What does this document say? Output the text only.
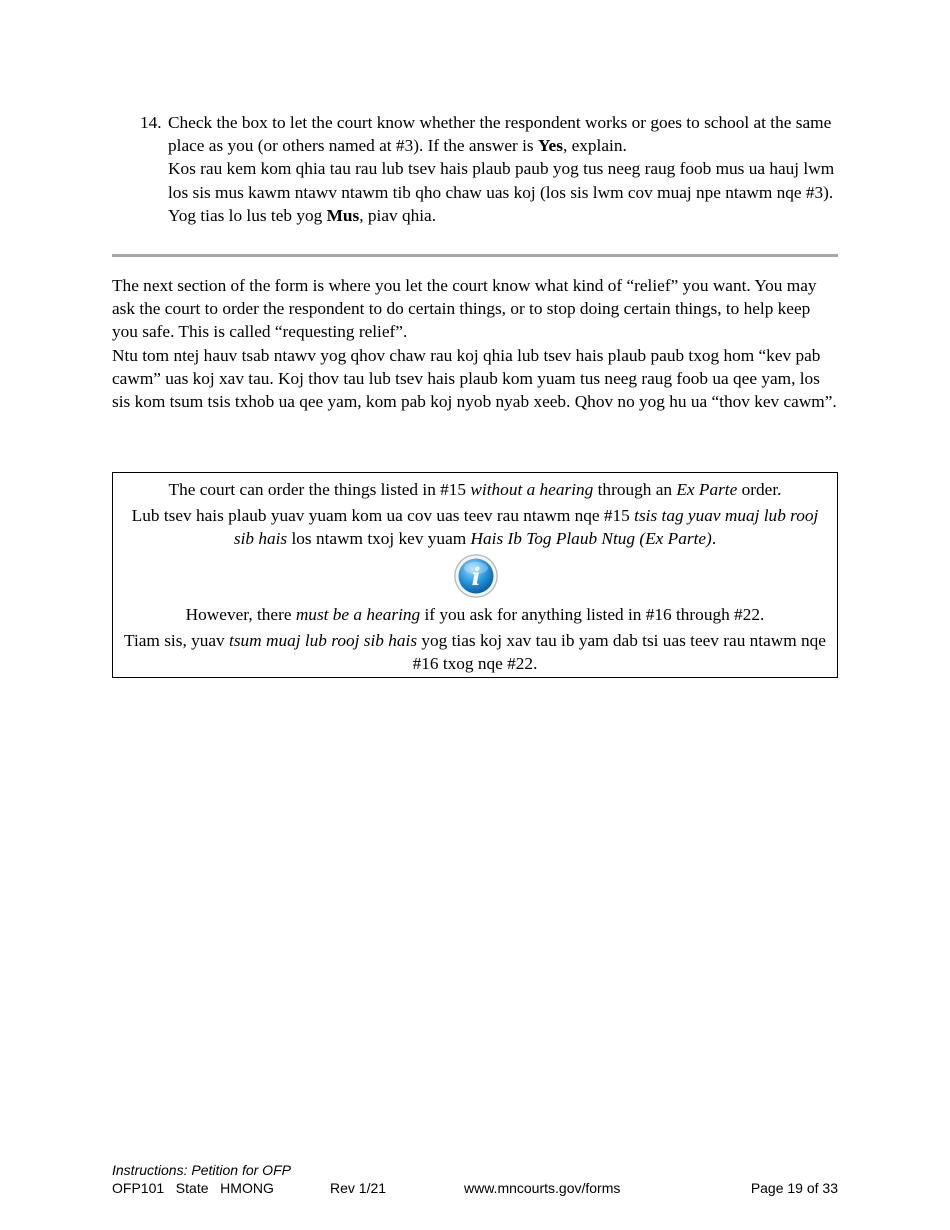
14. Check the box to let the court know whether the respondent works or goes to school at the same place as you (or others named at #3). If the answer is Yes, explain.

Kos rau kem kom qhia tau rau lub tsev hais plaub paub yog tus neeg raug foob mus ua hauj lwm los sis mus kawm ntawv ntawm tib qho chaw uas koj (los sis lwm cov muaj npe ntawm nqe #3). Yog tias lo lus teb yog Mus, piav qhia.

The next section of the form is where you let the court know what kind of “relief” you want. You may ask the court to order the respondent to do certain things, or to stop doing certain things, to help keep you safe. This is called “requesting relief”.

Ntu tom ntej hauv tsab ntawv yog qhov chaw rau koj qhia lub tsev hais plaub paub txog hom “kev pab cawm” uas koj xav tau. Koj thov tau lub tsev hais plaub kom yuam tus neeg raug foob ua qee yam, los sis kom tsum tsis txhob ua qee yam, kom pab koj nyob nyab xeeb. Qhov no yog hu ua “thov kev cawm”.

The court can order the things listed in #15 without a hearing through an Ex Parte order.

Lub tsev hais plaub yuav yuam kom ua cov uas teev rau ntawm nqe #15 tsis tag yuav muaj lub rooj sib hais los ntawm txoj kev yuam Hais Ib Tog Plaub Ntug (Ex Parte).

i

However, there must be a hearing if you ask for anything listed in #16 through #22.

Tiam sis, yuav tsum muaj lub rooj sib hais yog tias koj xav tau ib yam dab tsi uas teev rau ntawm nqe #16 txog nqe #22.

Instructions: Petition for OFP
OFP101   State   HMONG	Rev 1/21	www.mncourts.gov/forms	Page 19 of 33
